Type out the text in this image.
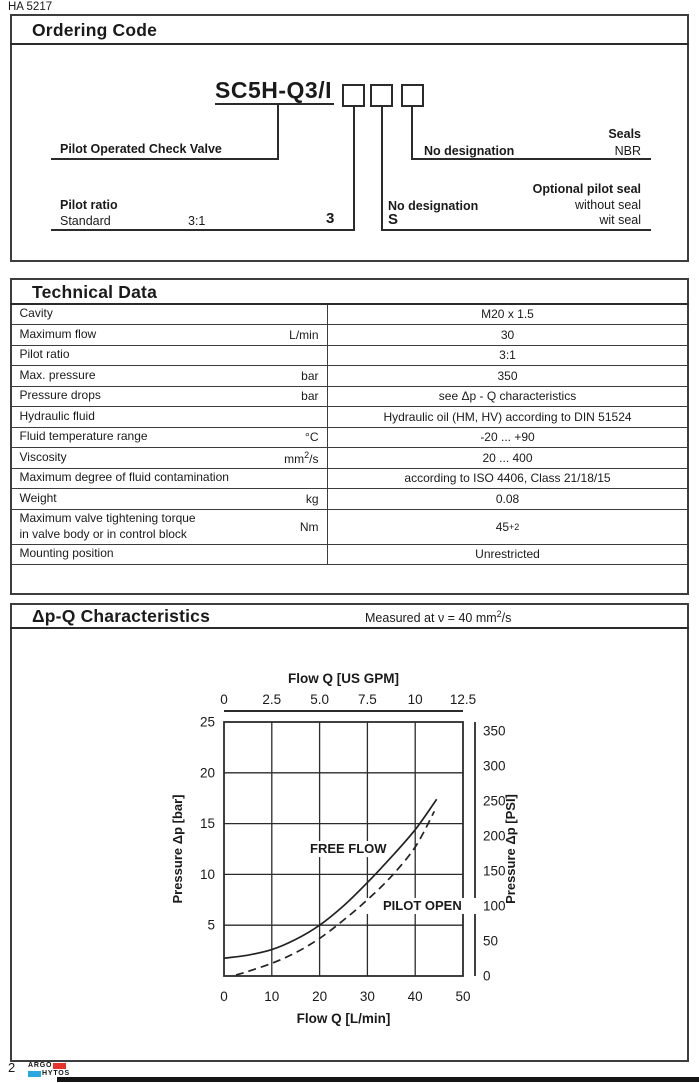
HA 5217
Ordering Code
SC5H-Q3/I
Pilot Operated Check Valve
Seals
No designation	NBR
Optional pilot seal
No designation	without seal
S	wit seal
Pilot ratio
Standard	3:1	3
Technical Data
Cavity	M20 x 1.5
Maximum flow	L/min	30
Pilot ratio	3:1
Max. pressure	bar	350
Pressure drops	bar	see Δp - Q characteristics
Hydraulic fluid	Hydraulic oil (HM, HV) according to DIN 51524
Fluid temperature range	°C	-20 ... +90
Viscosity	$mm^2/s$	20 ... 400
Maximum degree of fluid contamination	according to ISO 4406, Class 21/18/15
Weight	kg	0.08
Maximum valve tightening torque
in valve body or in control block	Nm	45 +2
Mounting position	Unrestricted
Δp-Q Characteristics	Measured at ν = 40 $mm^2/s$
Flow Q [US GPM]
Flow Q [L/min]
Pressure Δp [bar]	Pressure Δp [PSI]
0	2.5 5.0 7.5 10 12.5
0	10 20 30 40 50
25
20
15
10
5
350
300
250
200
150
100
50
0
FREE FLOW
PILOT OPEN
2 ARGO
HYTOS
